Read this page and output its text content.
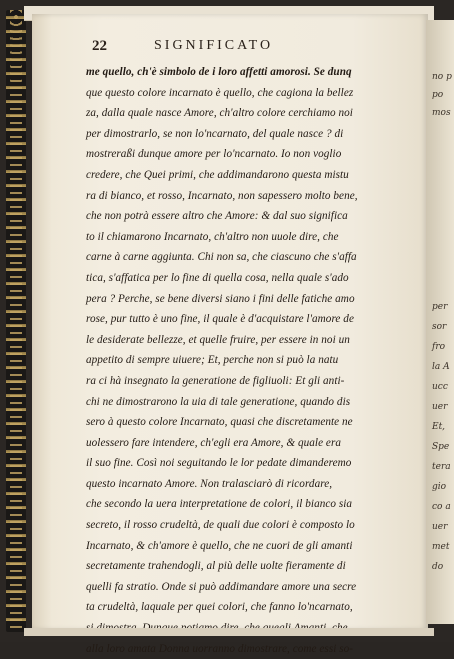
no p
po
mos
per
sor
fro
la A
ucc
uer
Et,
Spe
tera
gio
co a
uer
met
do
22	SIGNIFICATO
me quello, ch'è simbolo de i loro affetti amorosi. Se dunq
que questo colore incarnato è quello, che cagiona la bellez
za, dalla quale nasce Amore, ch'altro colore cerchiamo noi
per dimostrarlo, se non lo'ncarnato, del quale nasce ? di
mostreraßi dunque amore per lo'ncarnato. Io non voglio
credere, che Quei primi, che addimandarono questa mistu
ra di bianco, et rosso, Incarnato, non sapessero molto bene,
che non potrà essere altro che Amore: & dal suo significa
to il chiamarono Incarnato, ch'altro non uuole dire, che
carne à carne aggiunta. Chi non sa, che ciascuno che s'affa
tica, s'affatica per lo fine di quella cosa, nella quale s'ado
pera ? Perche, se bene diversi siano i fini delle fatiche amo
rose, pur tutto è uno fine, il quale è d'acquistare l'amore de
le desiderate bellezze, et quelle fruire, per essere in noi un
appetito di sempre uiuere; Et, perche non si può la natu
ra ci hà insegnato la generatione de figliuoli: Et gli anti-
chi ne dimostrarono la uia di tale generatione, quando dis
sero à questo colore Incarnato, quasi che discretamente ne
uolessero fare intendere, ch'egli era Amore, & quale era
il suo fine. Così noi seguitando le lor pedate dimanderemo
questo incarnato Amore. Non tralasciarò di ricordare,
che secondo la uera interpretatione de colori, il bianco sia
secreto, il rosso crudeltà, de quali due colori è composto lo
Incarnato, & ch'amore è quello, che ne cuori de gli amanti
secretamente trahendogli, al più delle uolte fieramente di
quelli fa stratio. Onde si può addimandare amore una secre
ta crudeltà, laquale per quei colori, che fanno lo'ncarnato,
alla loro amata Donna uorranno dimostrare, come essi so-
